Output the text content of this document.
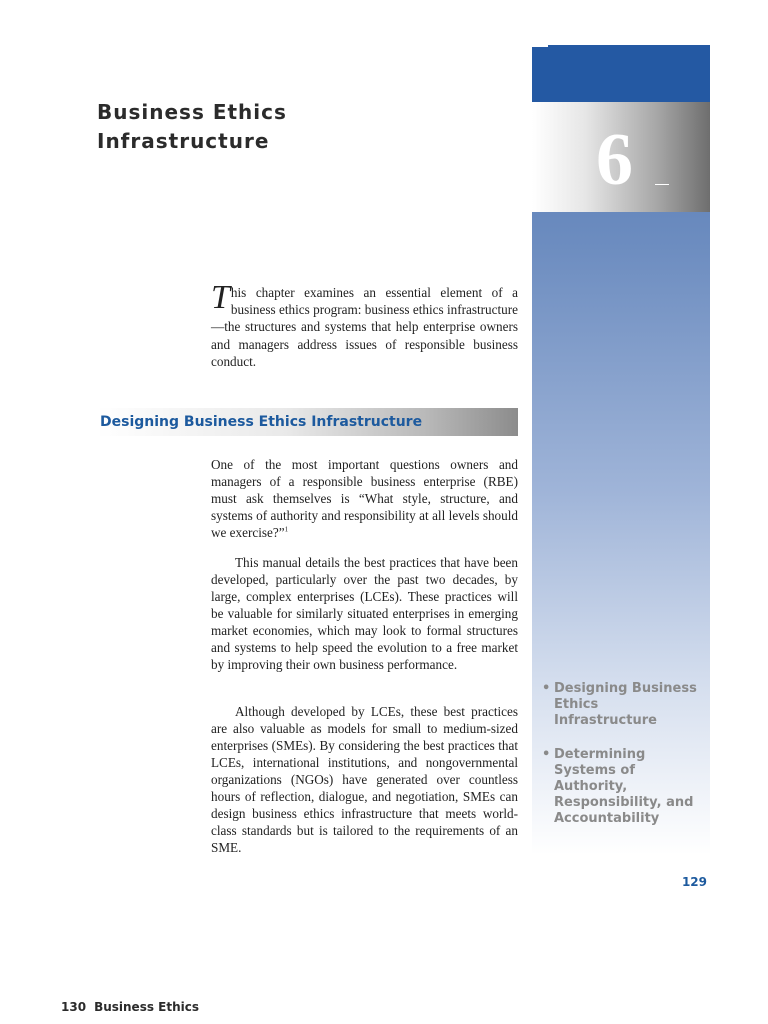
6
Business Ethics
Infrastructure

This chapter examines an essential element of a business ethics program: business ethics infrastructure—the structures and systems that help enterprise owners and managers address issues of responsible business conduct.

Designing Business Ethics Infrastructure

One of the most important questions owners and managers of a responsible business enterprise (RBE) must ask themselves is “What style, structure, and systems of authority and responsibility at all levels should we exercise?”$^1$

This manual details the best practices that have been developed, particularly over the past two decades, by large, complex enterprises (LCEs). These practices will be valuable for similarly situated enterprises in emerging market economies, which may look to formal structures and systems to help speed the evolution to a free market by improving their own business performance.

Although developed by LCEs, these best practices are also valuable as models for small to medium-sized enterprises (SMEs). By considering the best practices that LCEs, international institutions, and nongovernmental organizations (NGOs) have generated over countless hours of reflection, dialogue, and negotiation, SMEs can design business ethics infrastructure that meets world-class standards but is tailored to the requirements of an SME.

• Designing Business Ethics Infrastructure
• Determining Systems of Authority, Responsibility, and Accountability
129
130 Business Ethics
